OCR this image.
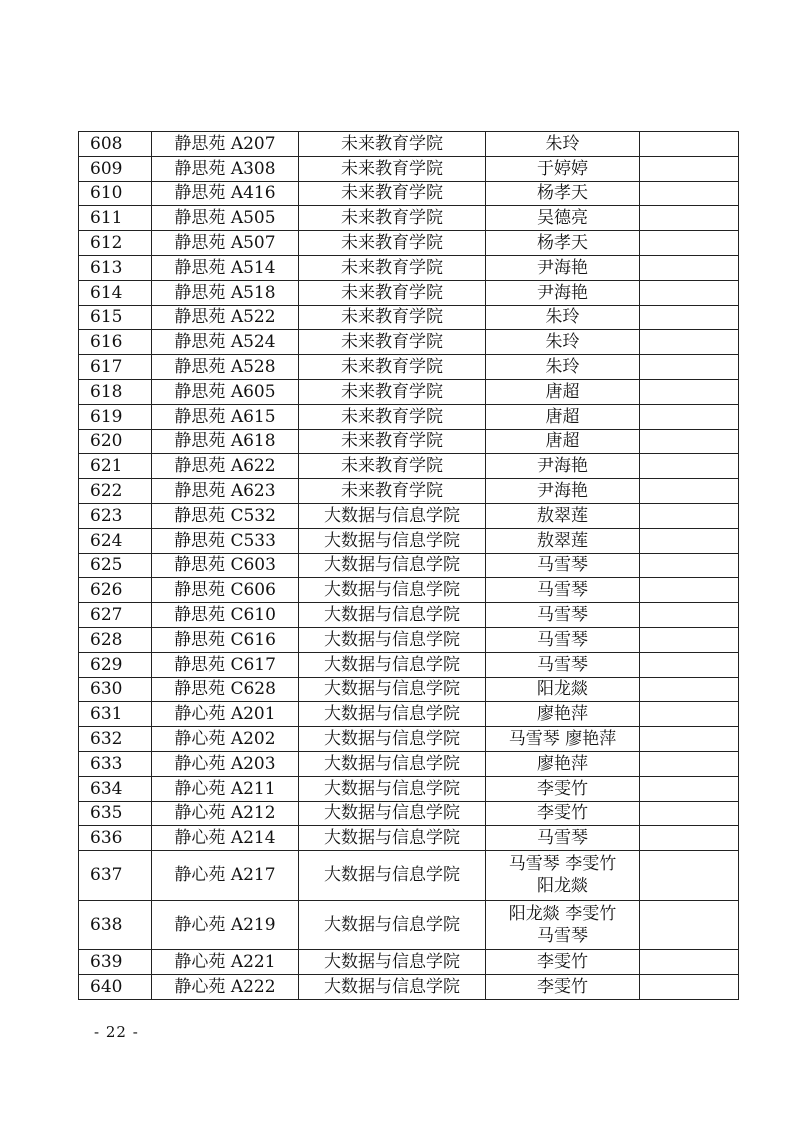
608	静思苑 A207	未来教育学院	朱玲	

609	静思苑 A308	未来教育学院	于婷婷	

610	静思苑 A416	未来教育学院	杨孝天	

611	静思苑 A505	未来教育学院	吴德亮	

612	静思苑 A507	未来教育学院	杨孝天	

613	静思苑 A514	未来教育学院	尹海艳	

614	静思苑 A518	未来教育学院	尹海艳	

615	静思苑 A522	未来教育学院	朱玲	

616	静思苑 A524	未来教育学院	朱玲	

617	静思苑 A528	未来教育学院	朱玲	

618	静思苑 A605	未来教育学院	唐超	

619	静思苑 A615	未来教育学院	唐超	

620	静思苑 A618	未来教育学院	唐超	

621	静思苑 A622	未来教育学院	尹海艳	

622	静思苑 A623	未来教育学院	尹海艳	

623	静思苑 C532	大数据与信息学院	敖翠莲	

624	静思苑 C533	大数据与信息学院	敖翠莲	

625	静思苑 C603	大数据与信息学院	马雪琴	

626	静思苑 C606	大数据与信息学院	马雪琴	

627	静思苑 C610	大数据与信息学院	马雪琴	

628	静思苑 C616	大数据与信息学院	马雪琴	

629	静思苑 C617	大数据与信息学院	马雪琴	

630	静思苑 C628	大数据与信息学院	阳龙燚	

631	静心苑 A201	大数据与信息学院	廖艳萍	

632	静心苑 A202	大数据与信息学院	马雪琴 廖艳萍	

633	静心苑 A203	大数据与信息学院	廖艳萍	

634	静心苑 A211	大数据与信息学院	李雯竹	

635	静心苑 A212	大数据与信息学院	李雯竹	

636	静心苑 A214	大数据与信息学院	马雪琴	

637	静心苑 A217	大数据与信息学院	马雪琴 李雯竹
阳龙燚	

638	静心苑 A219	大数据与信息学院	阳龙燚 李雯竹
马雪琴	

639	静心苑 A221	大数据与信息学院	李雯竹	

640	静心苑 A222	大数据与信息学院	李雯竹	

- 22 -
